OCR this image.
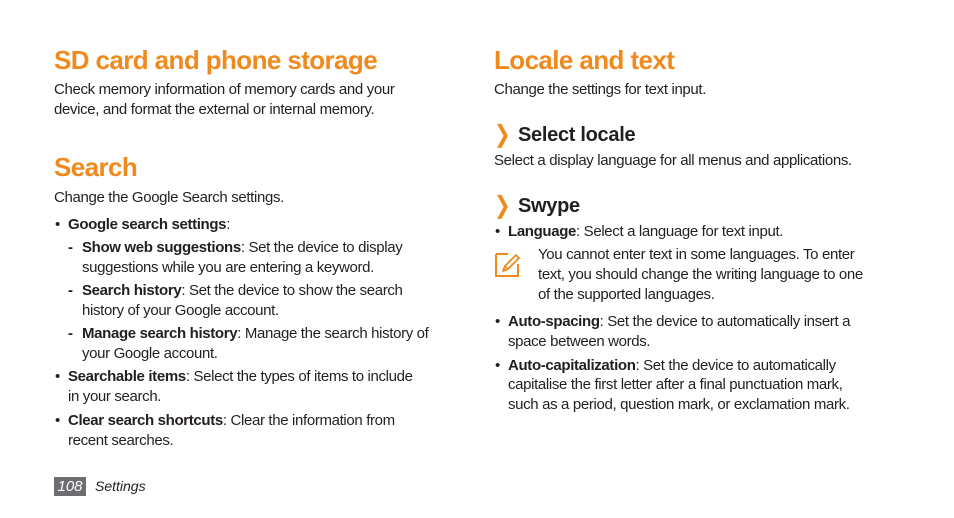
SD card and phone storage

Check memory information of memory cards and your

device, and format the external or internal memory.

Search

Change the Google Search settings.

• Google search settings:

- Show web suggestions: Set the device to display

suggestions while you are entering a keyword.

- Search history: Set the device to show the search

history of your Google account.

- Manage search history: Manage the search history of

your Google account.

• Searchable items: Select the types of items to include

in your search.

• Clear search shortcuts: Clear the information from

recent searches.

Locale and text

Change the settings for text input.

❯ Select locale

Select a display language for all menus and applications.

❯ Swype
• Language: Select a language for text input.

You cannot enter text in some languages. To enter

text, you should change the writing language to one

of the supported languages.

• Auto-spacing: Set the device to automatically insert a

space between words.

• Auto-capitalization: Set the device to automatically

capitalise the first letter after a final punctuation mark,

such as a period, question mark, or exclamation mark.

108 Settings
